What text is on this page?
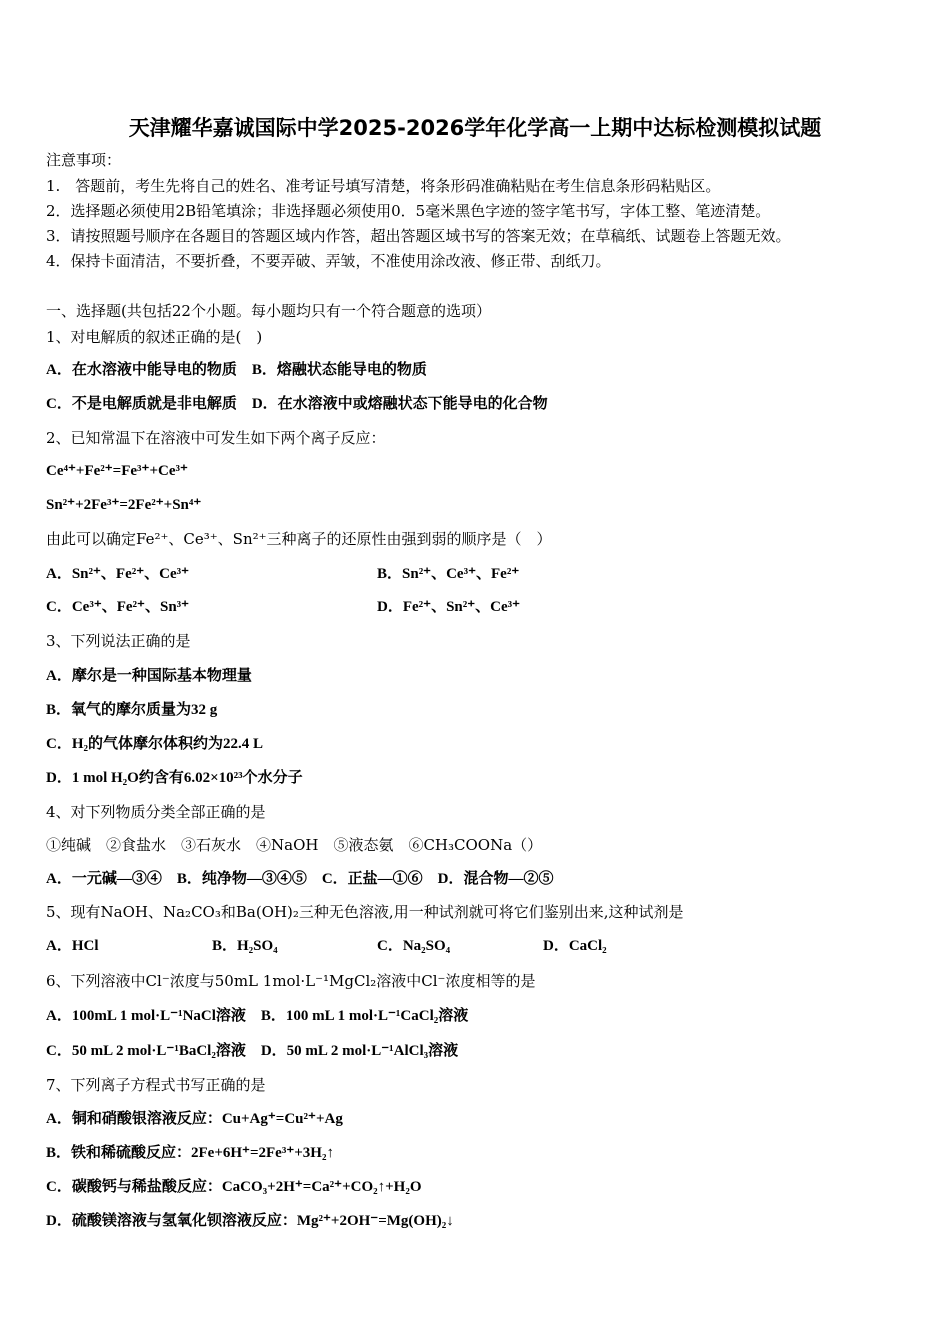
天津耀华嘉诚国际中学2025-2026学年化学高一上期中达标检测模拟试题
注意事项：
1.　答题前，考生先将自己的姓名、准考证号填写清楚，将条形码准确粘贴在考生信息条形码粘贴区。
2．选择题必须使用2B铅笔填涂；非选择题必须使用0．5毫米黑色字迹的签字笔书写，字体工整、笔迹清楚。
3．请按照题号顺序在各题目的答题区域内作答，超出答题区域书写的答案无效；在草稿纸、试题卷上答题无效。
4．保持卡面清洁，不要折叠，不要弄破、弄皱，不准使用涂改液、修正带、刮纸刀。
一、选择题(共包括22个小题。每小题均只有一个符合题意的选项）
1、对电解质的叙述正确的是(　)
A．在水溶液中能导电的物质　B．熔融状态能导电的物质
C．不是电解质就是非电解质　D．在水溶液中或熔融状态下能导电的化合物
2、已知常温下在溶液中可发生如下两个离子反应：
Ce⁴⁺+Fe²⁺=Fe³⁺+Ce³⁺
Sn²⁺+2Fe³⁺=2Fe²⁺+Sn⁴⁺
由此可以确定Fe²⁺、Ce³⁺、Sn²⁺三种离子的还原性由强到弱的顺序是（　）
A．Sn²⁺、Fe²⁺、Ce³⁺	B．Sn²⁺、Ce³⁺、Fe²⁺
C．Ce³⁺、Fe²⁺、Sn³⁺	D．Fe²⁺、Sn²⁺、Ce³⁺
3、下列说法正确的是
A．摩尔是一种国际基本物理量
B．氧气的摩尔质量为32 g
C．H₂的气体摩尔体积约为22.4 L
D．1 mol H₂O约含有6.02×10²³个水分子
4、对下列物质分类全部正确的是
①纯碱　②食盐水　③石灰水　④NaOH　⑤液态氨　⑥CH₃COONa（）
A．一元碱—③④　B．纯净物—③④⑤　C．正盐—①⑥　D．混合物—②⑤
5、现有NaOH、Na₂CO₃和Ba(OH)₂三种无色溶液,用一种试剂就可将它们鉴别出来,这种试剂是
A．HCl	B．H₂SO₄	C．Na₂SO₄	D．CaCl₂
6、下列溶液中Cl⁻浓度与50mL 1mol·L⁻¹MgCl₂溶液中Cl⁻浓度相等的是
A．100mL 1 mol·L⁻¹NaCl溶液　B．100 mL 1 mol·L⁻¹CaCl₂溶液
C．50 mL 2 mol·L⁻¹BaCl₂溶液　D．50 mL 2 mol·L⁻¹AlCl₃溶液
7、下列离子方程式书写正确的是
A．铜和硝酸银溶液反应：Cu+Ag⁺=Cu²⁺+Ag
B．铁和稀硫酸反应：2Fe+6H⁺=2Fe³⁺+3H₂↑
C．碳酸钙与稀盐酸反应：CaCO₃+2H⁺=Ca²⁺+CO₂↑+H₂O
D．硫酸镁溶液与氢氧化钡溶液反应：Mg²⁺+2OH⁻=Mg(OH)₂↓
